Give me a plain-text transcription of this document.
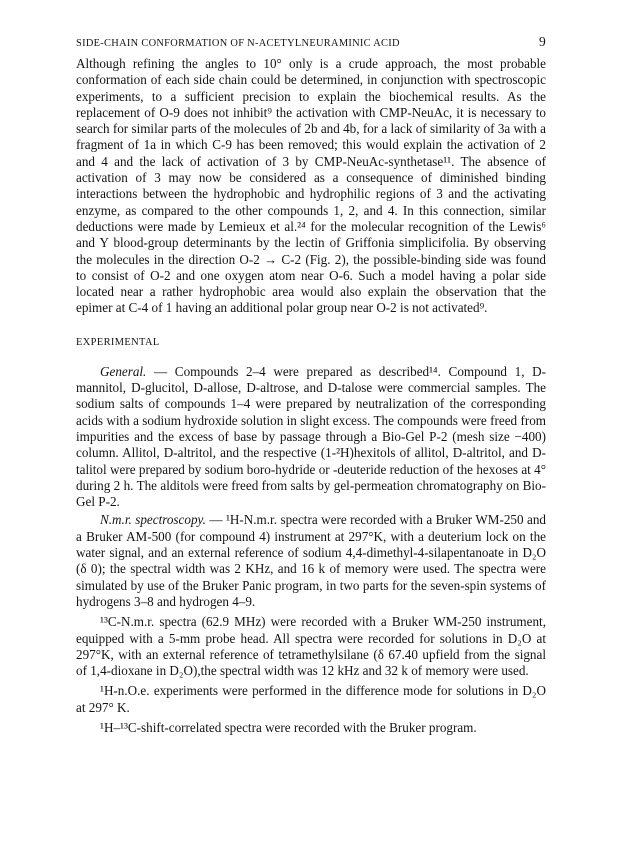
SIDE-CHAIN CONFORMATION OF N-ACETYLNEURAMINIC ACID	9

Although refining the angles to 10° only is a crude approach, the most probable conformation of each side chain could be determined, in conjunction with spectroscopic experiments, to a sufficient precision to explain the biochemical results. As the replacement of O-9 does not inhibit⁹ the activation with CMP-NeuAc, it is necessary to search for similar parts of the molecules of 2b and 4b, for a lack of similarity of 3a with a fragment of 1a in which C-9 has been removed; this would explain the activation of 2 and 4 and the lack of activation of 3 by CMP-NeuAc-synthetase¹¹. The absence of activation of 3 may now be considered as a consequence of diminished binding interactions between the hydrophobic and hydrophilic regions of 3 and the activating enzyme, as compared to the other compounds 1, 2, and 4. In this connection, similar deductions were made by Lemieux et al.²⁴ for the molecular recognition of the Lewis⁶ and Y blood-group determinants by the lectin of Griffonia simplicifolia. By observing the molecules in the direction O-2 → C-2 (Fig. 2), the possible-binding side was found to consist of O-2 and one oxygen atom near O-6. Such a model having a polar side located near a rather hydrophobic area would also explain the observation that the epimer at C-4 of 1 having an additional polar group near O-2 is not activated⁹.

EXPERIMENTAL

General. — Compounds 2–4 were prepared as described¹⁴. Compound 1, D-mannitol, D-glucitol, D-allose, D-altrose, and D-talose were commercial samples. The sodium salts of compounds 1–4 were prepared by neutralization of the corresponding acids with a sodium hydroxide solution in slight excess. The compounds were freed from impurities and the excess of base by passage through a Bio-Gel P-2 (mesh size −400) column. Allitol, D-altritol, and the respective (1-²H)hexitols of allitol, D-altritol, and D-talitol were prepared by sodium boro-hydride or -deuteride reduction of the hexoses at 4° during 2 h. The alditols were freed from salts by gel-permeation chromatography on Bio-Gel P-2.

N.m.r. spectroscopy. — ¹H-N.m.r. spectra were recorded with a Bruker WM-250 and a Bruker AM-500 (for compound 4) instrument at 297°K, with a deuterium lock on the water signal, and an external reference of sodium 4,4-dimethyl-4-silapentanoate in D₂O (δ 0); the spectral width was 2 KHz, and 16 k of memory were used. The spectra were simulated by use of the Bruker Panic program, in two parts for the seven-spin systems of hydrogens 3–8 and hydrogen 4–9.

¹³C-N.m.r. spectra (62.9 MHz) were recorded with a Bruker WM-250 instrument, equipped with a 5-mm probe head. All spectra were recorded for solutions in D₂O at 297°K, with an external reference of tetramethylsilane (δ 67.40 upfield from the signal of 1,4-dioxane in D₂O),the spectral width was 12 kHz and 32 k of memory were used.

¹H-n.O.e. experiments were performed in the difference mode for solutions in D₂O at 297° K.

¹H–¹³C-shift-correlated spectra were recorded with the Bruker program.
